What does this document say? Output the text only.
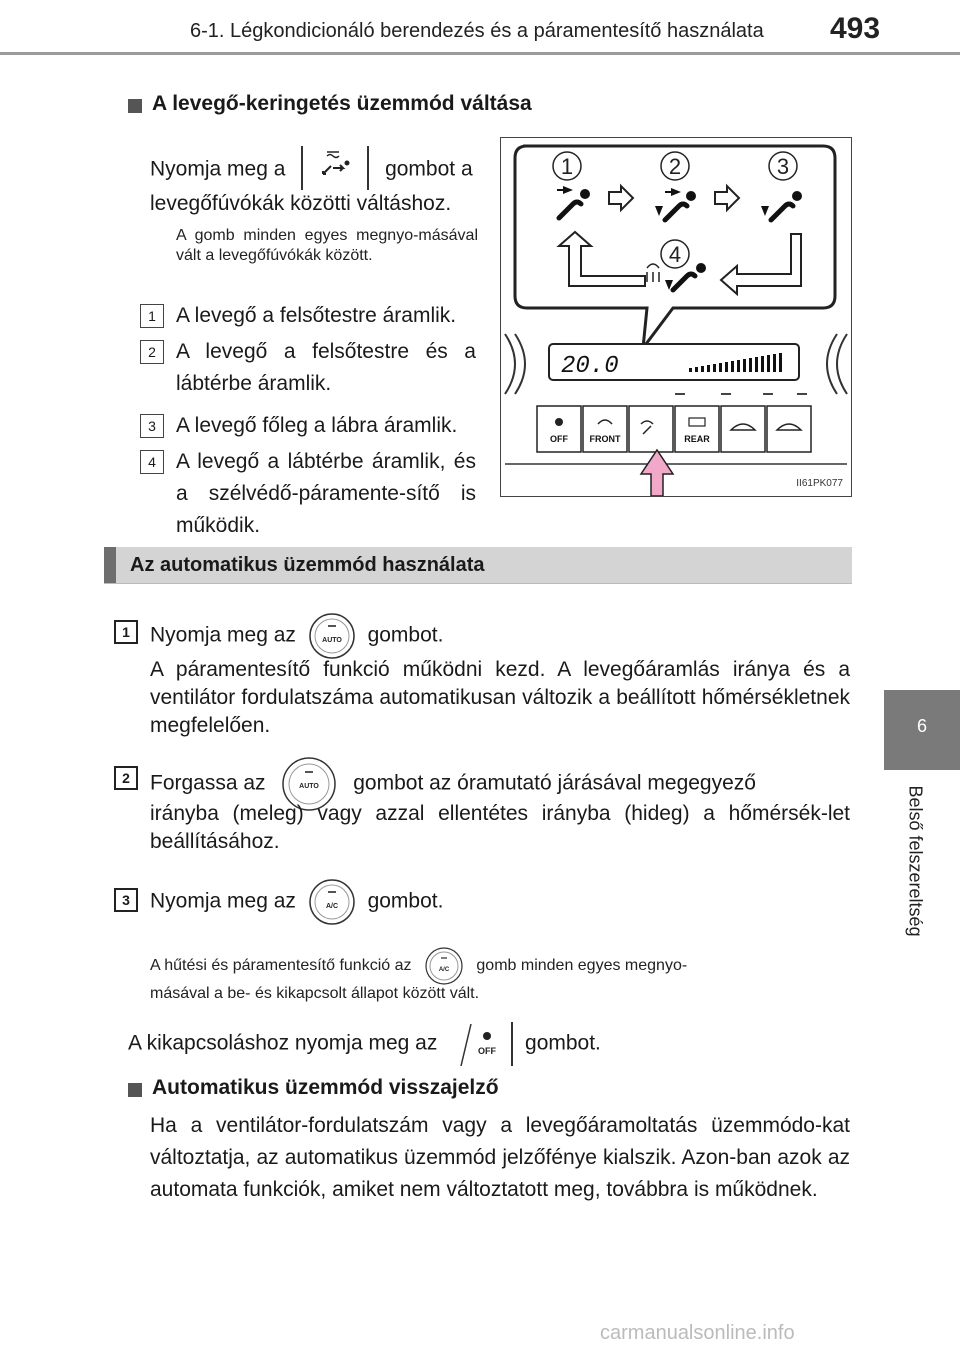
6-1. Légkondicionáló berendezés és a páramentesítő használata 493
6
Belső felszereltség
A levegő-keringetés üzemmód váltása
Nyomja meg a	gombot a
levegőfúvókák közötti váltáshoz.
A gomb minden egyes megnyo-másával vált a levegőfúvókák között.
1 A levegő a felsőtestre áramlik.
2 A levegő a felsőtestre és a lábtérbe áramlik.
3 A levegő főleg a lábra áramlik.
4 A levegő a lábtérbe áramlik, és a szélvédő-páramente-sítő is működik.
1	2	3
4
20.0
OFF FRONT	REAR
II61PK077
Az automatikus üzemmód használata
1 Nyomja meg az	AUTO gombot.
A páramentesítő funkció működni kezd. A levegőáramlás iránya és a ventilátor fordulatszáma automatikusan változik a beállított hőmérsékletnek megfelelően.
2 Forgassa az	AUTO gombot az óramutató járásával megegyező
irányba (meleg) vagy azzal ellentétes irányba (hideg) a hőmérsék-let beállításához.
3 Nyomja meg az	A/C gombot.
A hűtési és páramentesítő funkció az	A/C gomb minden egyes megnyo-
másával a be- és kikapcsolt állapot között vált.
A kikapcsoláshoz nyomja meg az	OFF gombot.
Automatikus üzemmód visszajelző
Ha a ventilátor-fordulatszám vagy a levegőáramoltatás üzemmódo-kat változtatja, az automatikus üzemmód jelzőfénye kialszik. Azon-ban azok az automata funkciók, amiket nem változtatott meg, továbbra is működnek.
carmanualsonline.info
